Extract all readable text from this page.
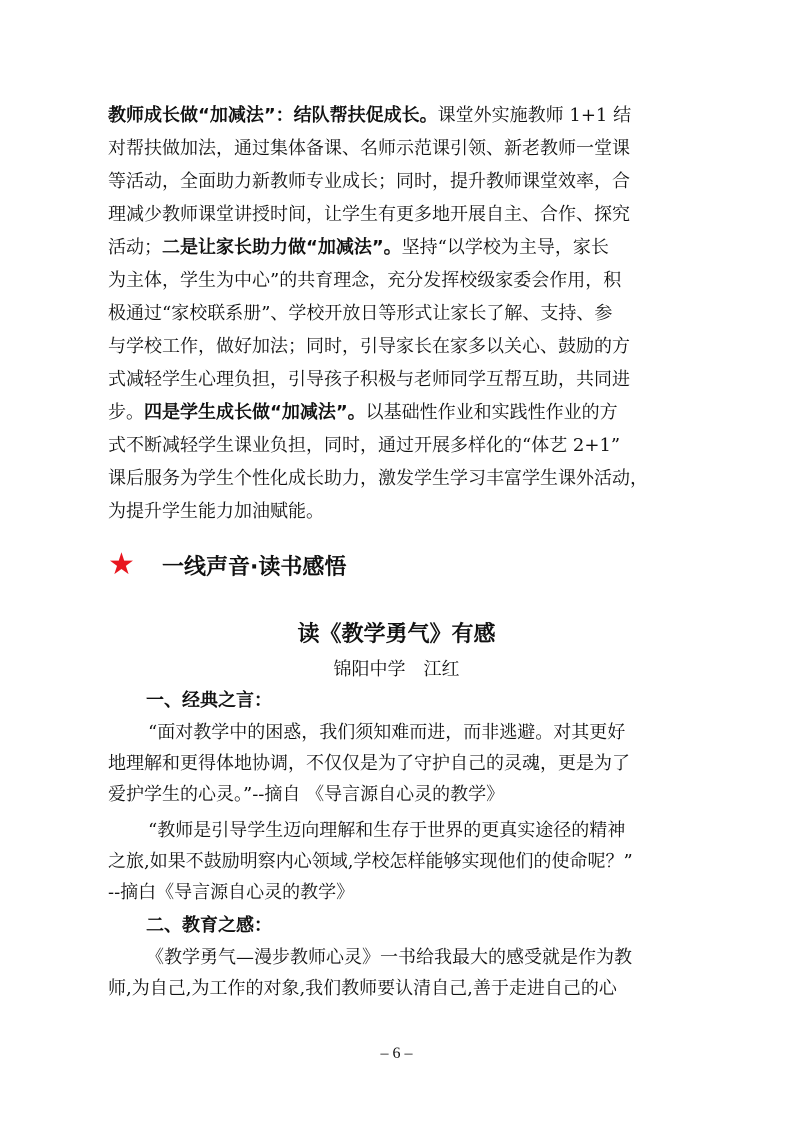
教师成长做“加减法”：结队帮扶促成长。课堂外实施教师 1+1 结
对帮扶做加法，通过集体备课、名师示范课引领、新老教师一堂课
等活动，全面助力新教师专业成长；同时，提升教师课堂效率，合
理减少教师课堂讲授时间，让学生有更多地开展自主、合作、探究
活动；二是让家长助力做“加减法”。坚持“以学校为主导，家长
为主体，学生为中心”的共育理念，充分发挥校级家委会作用，积
极通过“家校联系册”、学校开放日等形式让家长了解、支持、参
与学校工作，做好加法；同时，引导家长在家多以关心、鼓励的方
式减轻学生心理负担，引导孩子积极与老师同学互帮互助，共同进
步。四是学生成长做“加减法”。以基础性作业和实践性作业的方
式不断减轻学生课业负担，同时，通过开展多样化的“体艺 2+1”
课后服务为学生个性化成长助力，激发学生学习丰富学生课外活动，
为提升学生能力加油赋能。
★	一线声音·读书感悟
读《教学勇气》有感
锦阳中学　江红
一、经典之言：
“面对教学中的困惑，我们须知难而进，而非逃避。对其更好
地理解和更得体地协调，不仅仅是为了守护自己的灵魂，更是为了
爱护学生的心灵。”--摘自 《导言源自心灵的教学》
“教师是引导学生迈向理解和生存于世界的更真实途径的精神
之旅,如果不鼓励明察内心领域,学校怎样能够实现他们的使命呢？”
--摘白《导言源自心灵的教学》
二、教育之感：
《教学勇气—漫步教师心灵》一书给我最大的感受就是作为教
师,为自己,为工作的对象,我们教师要认清自己,善于走进自己的心
– 6 –
